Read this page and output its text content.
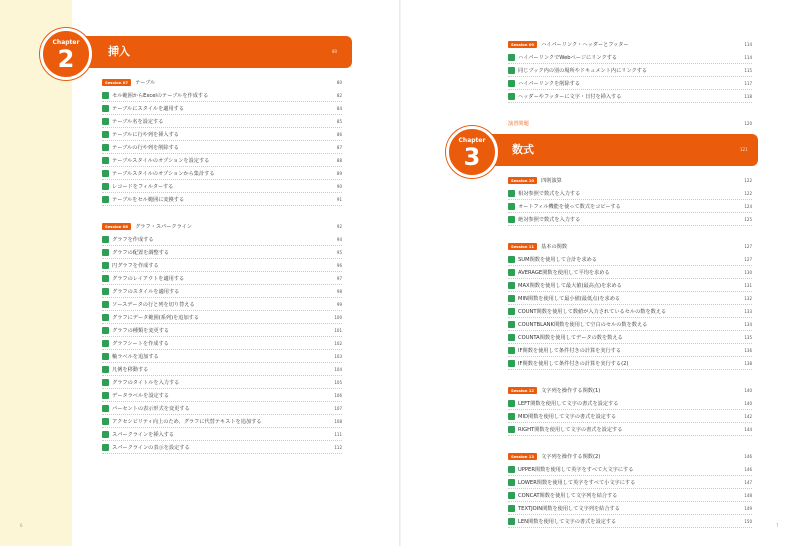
挿入	80
Chapter
2
Session 07	テーブル	80
セル範囲からExcelのテーブルを作成する	82
テーブルにスタイルを適用する	84
テーブル名を設定する	85
テーブルに行や列を挿入する	86
テーブルの行や列を削除する	87
テーブルスタイルのオプションを設定する	88
テーブルスタイルのオプションから集計する	89
レコードをフィルターする	90
テーブルをセル範囲に変換する	91
Session 08	グラフ・スパークライン	92
グラフを作成する	94
グラフの配置を調整する	95
円グラフを作成する	96
グラフのレイアウトを適用する	97
グラフのスタイルを適用する	98
ソースデータの行と列を切り替える	99
グラフにデータ範囲(系列)を追加する	100
グラフの種類を変更する	101
グラフシートを作成する	102
軸ラベルを追加する	103
凡例を移動する	104
グラフのタイトルを入力する	105
データラベルを設定する	106
パーセントの表示形式を変更する	107
アクセシビリティ向上のため、グラフに代替テキストを追加する	108
スパークラインを挿入する	111
スパークラインの表示を設定する	112
6
Session 09	ハイパーリンク・ヘッダーとフッター	114
ハイパーリンクでWebページにリンクする	114
同じブック内の別の場所やドキュメント内にリンクする	115
ハイパーリンクを削除する	117
ヘッダーやフッターに文字・日付を挿入する	118
演習問題	120
数式	121
Chapter
3
Session 10	四則演算	122
相対参照で数式を入力する	122
オートフィル機能を使って数式をコピーする	124
絶対参照で数式を入力する	125
Session 11	基本の関数	127
SUM関数を使用して合計を求める	127
AVERAGE関数を使用して平均を求める	130
MAX関数を使用して最大値(最高点)を求める	131
MIN関数を使用して最小値(最低点)を求める	132
COUNT関数を使用して数値が入力されているセルの数を数える	133
COUNTBLANK関数を使用して空白のセルの数を数える	134
COUNTA関数を使用してデータの数を数える	135
IF関数を使用して条件付きの計算を実行する	136
IF関数を使用して条件付きの計算を実行する(2)	138
Session 12	文字列を操作する関数(1)	140
LEFT関数を使用して文字の書式を設定する	140
MID関数を使用して文字の書式を設定する	142
RIGHT関数を使用して文字の書式を設定する	144
Session 13	文字列を操作する関数(2)	146
UPPER関数を使用して英字をすべて大文字にする	146
LOWER関数を使用して英字をすべて小文字にする	147
CONCAT関数を使用して文字列を結合する	148
TEXTJOIN関数を使用して文字列を結合する	149
LEN関数を使用して文字の書式を設定する	150
7
